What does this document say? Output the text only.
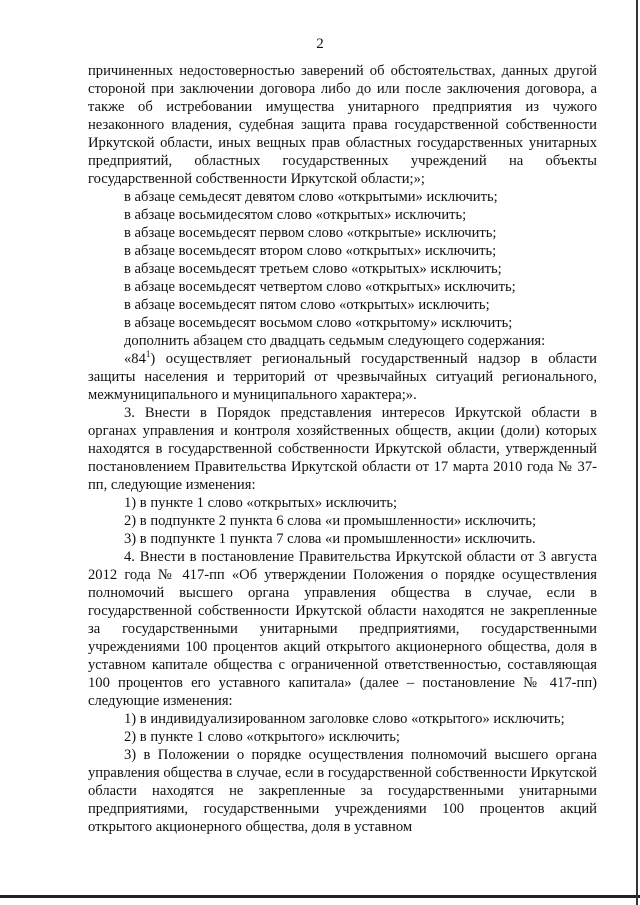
2

причиненных недостоверностью заверений об обстоятельствах, данных другой стороной при заключении договора либо до или после заключения договора, а также об истребовании имущества унитарного предприятия из чужого незаконного владения, судебная защита права государственной собственности Иркутской области, иных вещных прав областных государственных унитарных предприятий, областных государственных учреждений на объекты государственной собственности Иркутской области;»;

в абзаце семьдесят девятом слово «открытыми» исключить;

в абзаце восьмидесятом слово «открытых» исключить;

в абзаце восемьдесят первом слово «открытые» исключить;

в абзаце восемьдесят втором слово «открытых» исключить;

в абзаце восемьдесят третьем слово «открытых» исключить;

в абзаце восемьдесят четвертом слово «открытых» исключить;

в абзаце восемьдесят пятом слово «открытых» исключить;

в абзаце восемьдесят восьмом слово «открытому» исключить;

дополнить абзацем сто двадцать седьмым следующего содержания:

«$84^1$) осуществляет региональный государственный надзор в области защиты населения и территорий от чрезвычайных ситуаций регионального, межмуниципального и муниципального характера;».

3. Внести в Порядок представления интересов Иркутской области в органах управления и контроля хозяйственных обществ, акции (доли) которых находятся в государственной собственности Иркутской области, утвержденный постановлением Правительства Иркутской области от 17 марта 2010 года № 37-пп, следующие изменения:

1) в пункте 1 слово «открытых» исключить;

2) в подпункте 2 пункта 6 слова «и промышленности» исключить;

3) в подпункте 1 пункта 7 слова «и промышленности» исключить.

4. Внести в постановление Правительства Иркутской области от 3 августа 2012 года № 417-пп «Об утверждении Положения о порядке осуществления полномочий высшего органа управления общества в случае, если в государственной собственности Иркутской области находятся не закрепленные за государственными унитарными предприятиями, государственными учреждениями 100 процентов акций открытого акционерного общества, доля в уставном капитале общества с ограниченной ответственностью, составляющая 100 процентов его уставного капитала» (далее – постановление № 417-пп) следующие изменения:

1) в индивидуализированном заголовке слово «открытого» исключить;

2) в пункте 1 слово «открытого» исключить;

3) в Положении о порядке осуществления полномочий высшего органа управления общества в случае, если в государственной собственности Иркутской области находятся не закрепленные за государственными унитарными предприятиями, государственными учреждениями 100 процентов акций открытого акционерного общества, доля в уставном
